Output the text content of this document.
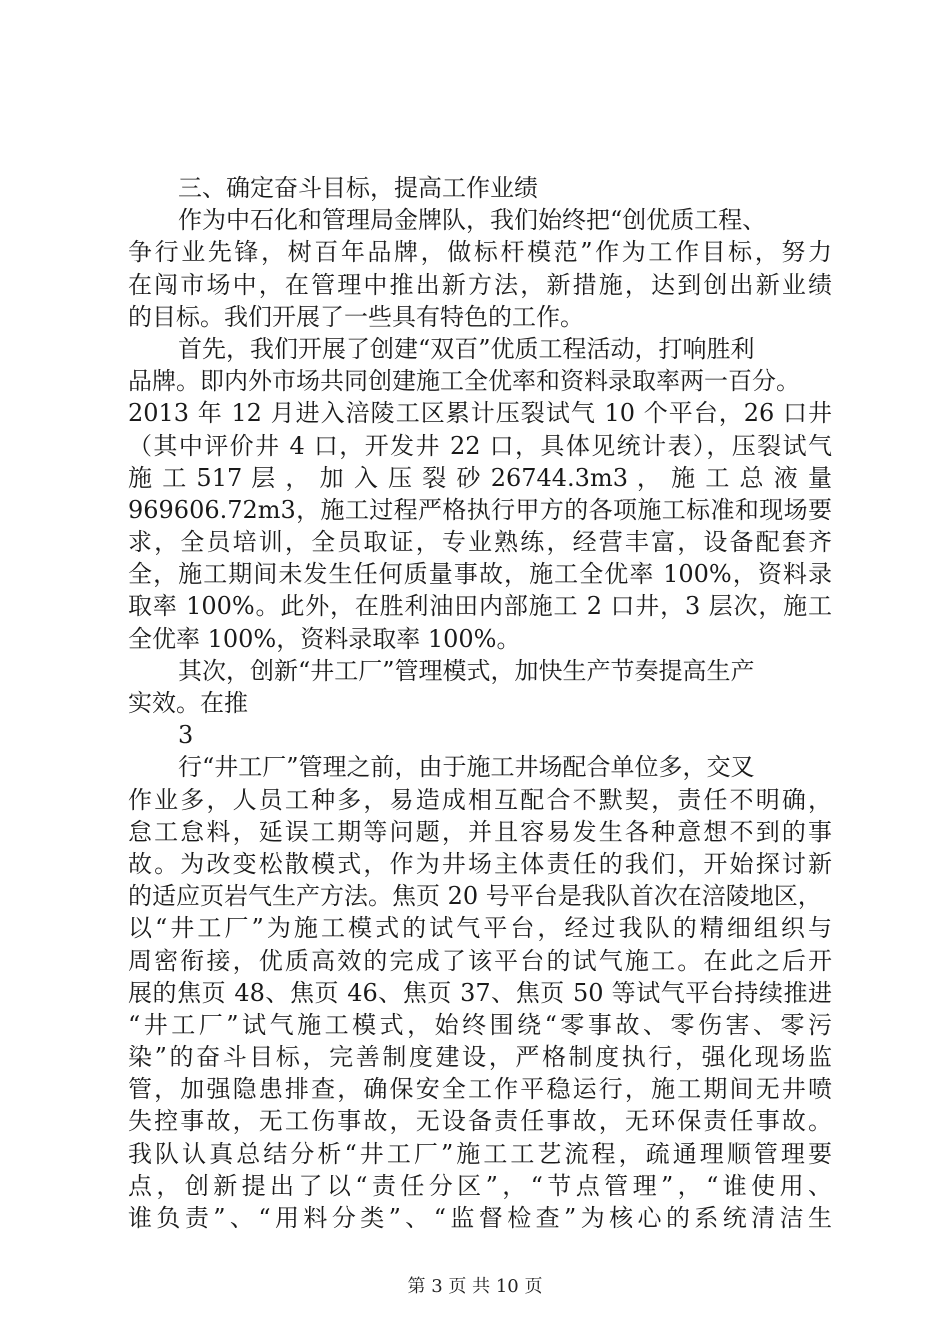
三、确定奋斗目标，提高工作业绩
作为中石化和管理局金牌队，我们始终把“创优质工程、
争行业先锋，树百年品牌，做标杆模范”作为工作目标，努力
在闯市场中，在管理中推出新方法，新措施，达到创出新业绩
的目标。我们开展了一些具有特色的工作。
首先，我们开展了创建“双百”优质工程活动，打响胜利
品牌。即内外市场共同创建施工全优率和资料录取率两一百分。
2013 年 12 月进入涪陵工区累计压裂试气 10 个平台，26 口井
（其中评价井 4 口，开发井 22 口，具体见统计表），压裂试气
施 工 517 层 ， 加 入 压 裂 砂 26744.3m3 ， 施 工 总 液 量
969606.72m3，施工过程严格执行甲方的各项施工标准和现场要
求，全员培训，全员取证，专业熟练，经营丰富，设备配套齐
全，施工期间未发生任何质量事故，施工全优率 100%，资料录
取率 100%。此外，在胜利油田内部施工 2 口井，3 层次，施工
全优率 100%，资料录取率 100%。
其次，创新“井工厂”管理模式，加快生产节奏提高生产
实效。在推
3
行“井工厂”管理之前，由于施工井场配合单位多，交叉
作业多，人员工种多，易造成相互配合不默契，责任不明确，
怠工怠料，延误工期等问题，并且容易发生各种意想不到的事
故。为改变松散模式，作为井场主体责任的我们，开始探讨新
的适应页岩气生产方法。焦页 20 号平台是我队首次在涪陵地区，
以“井工厂”为施工模式的试气平台，经过我队的精细组织与
周密衔接，优质高效的完成了该平台的试气施工。在此之后开
展的焦页 48、焦页 46、焦页 37、焦页 50 等试气平台持续推进
“井工厂”试气施工模式，始终围绕“零事故、零伤害、零污
染”的奋斗目标，完善制度建设，严格制度执行，强化现场监
管，加强隐患排查，确保安全工作平稳运行，施工期间无井喷
失控事故，无工伤事故，无设备责任事故，无环保责任事故。
我队认真总结分析“井工厂”施工工艺流程，疏通理顺管理要
点，创新提出了以“责任分区”，“节点管理”，“谁使用、
谁负责”、“用料分类”、“监督检查”为核心的系统清洁生
第 3 页 共 10 页
